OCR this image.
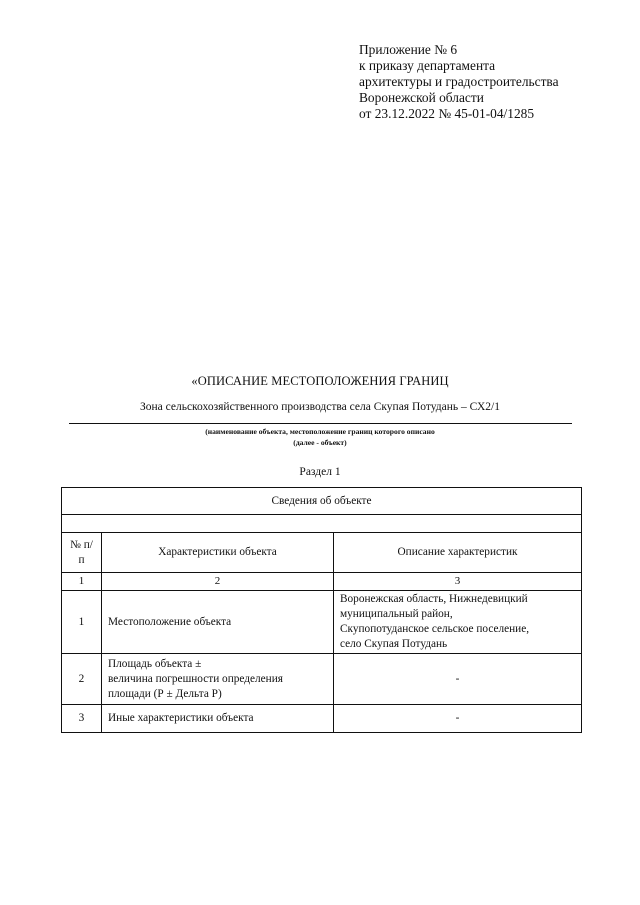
Приложение № 6
к приказу департамента
архитектуры и градостроительства
Воронежской области
от 23.12.2022 № 45-01-04/1285
«ОПИСАНИЕ МЕСТОПОЛОЖЕНИЯ ГРАНИЦ
Зона сельскохозяйственного производства села Скупая Потудань – СХ2/1
(наименование объекта, местоположение границ которого описано
(далее - объект)
Раздел 1
Сведения об объекте		

№ п/п	Характеристики объекта	Описание характеристик
1	2	3
1	Местоположение объекта	Воронежская область, Нижнедевицкий
муниципальный район,
Скупопотуданское сельское поселение,
село Скупая Потудань

2	Площадь объекта ±
величина погрешности определения
площади (Р ± Дельта Р)	-
3	Иные характеристики объекта	-
